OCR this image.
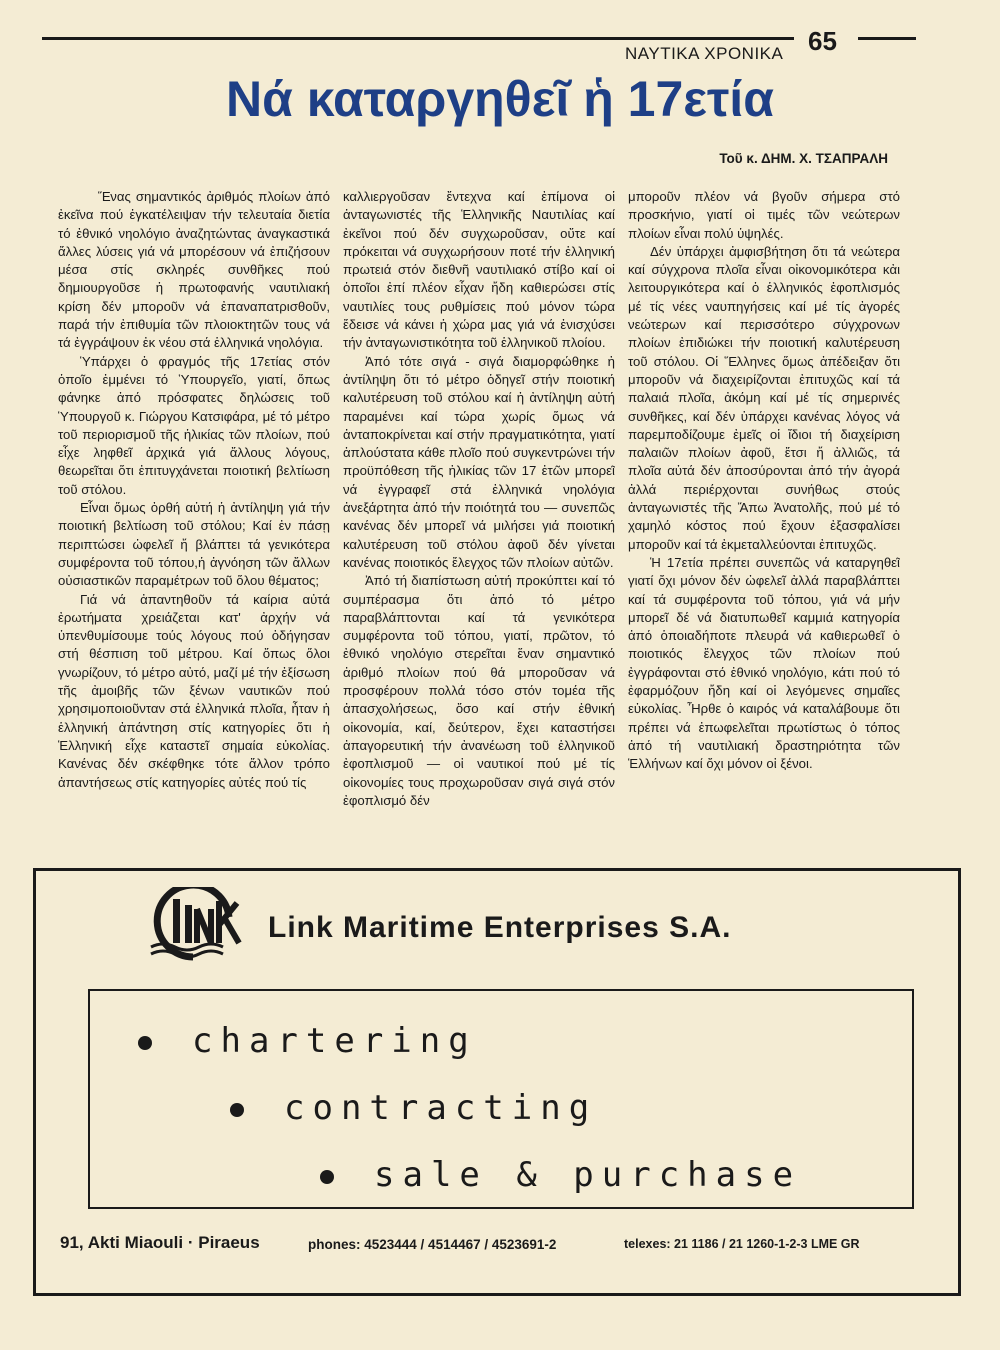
ΝΑΥΤΙΚΑ ΧΡΟΝΙΚΑ 65
Νά καταργηθεῖ ἡ 17ετία
Τοῦ κ. ΔΗΜ. Χ. ΤΣΑΠΡΑΛΗ

Ἕνας σημαντικός ἀριθμός πλοίων ἀπό ἐκεῖνα πού ἐγκατέλειψαν τήν τελευταία διετία τό ἐθνικό νηολόγιο ἀναζητώντας ἀναγκαστικά ἄλλες λύσεις γιά νά μπορέσουν νά ἐπιζήσουν μέσα στίς σκληρές συνθῆκες πού δημιουργοῦσε ἡ πρωτοφανής ναυτιλιακή κρίση δέν μποροῦν νά ἐπαναπατρισθοῦν, παρά τήν ἐπιθυμία τῶν πλοιοκτητῶν τους νά τά ἐγγράψουν ἐκ νέου στά ἑλληνικά νηολόγια.

Ὑπάρχει ὁ φραγμός τῆς 17ετίας στόν ὁποῖο ἐμμένει τό Ὑπουργεῖο, γιατί, ὅπως φάνηκε ἀπό πρόσφατες δηλώσεις τοῦ Ὑπουργοῦ κ. Γιώργου Κατσιφάρα, μέ τό μέτρο τοῦ περιορισμοῦ τῆς ἡλικίας τῶν πλοίων, πού εἶχε ληφθεῖ ἀρχικά γιά ἄλλους λόγους, θεωρεῖται ὅτι ἐπιτυγχάνεται ποιοτική βελτίωση τοῦ στόλου.

Εἶναι ὅμως ὀρθή αὐτή ἡ ἀντίληψη γιά τήν ποιοτική βελτίωση τοῦ στόλου; Καί ἐν πάσῃ περιπτώσει ὠφελεῖ ἤ βλάπτει τά γενικότερα συμφέροντα τοῦ τόπου,ἡ ἀγνόηση τῶν ἄλλων οὐσιαστικῶν παραμέτρων τοῦ ὅλου θέματος;

Γιά νά ἀπαντηθοῦν τά καίρια αὐτά ἐρωτήματα χρειάζεται κατ' ἀρχήν νά ὑπενθυμίσουμε τούς λόγους πού ὁδήγησαν στή θέσπιση τοῦ μέτρου. Καί ὅπως ὅλοι γνωρίζουν, τό μέτρο αὐτό, μαζί μέ τήν ἐξίσωση τῆς ἀμοιβῆς τῶν ξένων ναυτικῶν πού χρησιμοποιοῦνταν στά ἑλληνικά πλοῖα, ἦταν ἡ ἑλληνική ἀπάντηση στίς κατηγορίες ὅτι ἡ Ἑλληνική εἶχε καταστεῖ σημαία εὐκολίας. Κανένας δέν σκέφθηκε τότε ἄλλον τρόπο ἀπαντήσεως στίς κατηγορίες αὐτές πού τίς

καλλιεργοῦσαν ἔντεχνα καί ἐπίμονα οἱ ἀνταγωνιστές τῆς Ἑλληνικῆς Ναυτιλίας καί ἐκεῖνοι πού δέν συγχωροῦσαν, οὔτε καί πρόκειται νά συγχωρήσουν ποτέ τήν ἑλληνική πρωτειά στόν διεθνῆ ναυτιλιακό στίβο καί οἱ ὁποῖοι ἐπί πλέον εἶχαν ἤδη καθιερώσει στίς ναυτιλίες τους ρυθμίσεις πού μόνον τώρα ἔδεισε νά κάνει ἡ χώρα μας γιά νά ἐνισχύσει τήν ἀνταγωνιστικότητα τοῦ ἑλληνικοῦ πλοίου.

Ἀπό τότε σιγά - σιγά διαμορφώθηκε ἡ ἀντίληψη ὅτι τό μέτρο ὁδηγεῖ στήν ποιοτική καλυτέρευση τοῦ στόλου καί ἡ ἀντίληψη αὐτή παραμένει καί τώρα χωρίς ὅμως νά ἀνταποκρίνεται καί στήν πραγματικότητα, γιατί ἁπλούστατα κάθε πλοῖο πού συγκεντρώνει τήν προϋπόθεση τῆς ἡλικίας τῶν 17 ἐτῶν μπορεῖ νά ἐγγραφεῖ στά ἑλληνικά νηολόγια ἀνεξάρτητα ἀπό τήν ποιότητά του — συνεπῶς κανένας δέν μπορεῖ νά μιλήσει γιά ποιοτική καλυτέρευση τοῦ στόλου ἀφοῦ δέν γίνεται κανένας ποιοτικός ἔλεγχος τῶν πλοίων αὐτῶν.

Ἀπό τή διαπίστωση αὐτή προκύπτει καί τό συμπέρασμα ὅτι ἀπό τό μέτρο παραβλάπτονται καί τά γενικότερα συμφέροντα τοῦ τόπου, γιατί, πρῶτον, τό ἐθνικό νηολόγιο στερεῖται ἕναν σημαντικό ἀριθμό πλοίων πού θά μποροῦσαν νά προσφέρουν πολλά τόσο στόν τομέα τῆς ἀπασχολήσεως, ὅσο καί στήν ἐθνική οἰκονομία, καί, δεύτερον, ἔχει καταστήσει ἀπαγορευτική τήν ἀνανέωση τοῦ ἑλληνικοῦ ἐφοπλισμοῦ — οἱ ναυτικοί πού μέ τίς οἰκονομίες τους προχωροῦσαν σιγά σιγά στόν ἐφοπλισμό δέν

μποροῦν πλέον νά βγοῦν σήμερα στό προσκήνιο, γιατί οἱ τιμές τῶν νεώτερων πλοίων εἶναι πολύ ὑψηλές.

Δέν ὑπάρχει ἀμφισβήτηση ὅτι τά νεώτερα καί σύγχρονα πλοῖα εἶναι οἰκονομικότερα κἀι λειτουργικότερα καί ὁ ἑλληνικός ἐφοπλισμός μέ τίς νέες ναυπηγήσεις καί μέ τίς ἀγορές νεώτερων καί περισσότερο σύγχρονων πλοίων ἐπιδιώκει τήν ποιοτική καλυτέρευση τοῦ στόλου. Οἱ Ἕλληνες ὅμως ἀπέδειξαν ὅτι μποροῦν νά διαχειρίζονται ἐπιτυχῶς καί τά παλαιά πλοῖα, ἀκόμη καί μέ τίς σημερινές συνθῆκες, καί δέν ὑπάρχει κανένας λόγος νά παρεμποδίζουμε ἐμεῖς οἱ ἴδιοι τή διαχείριση παλαιῶν πλοίων ἀφοῦ, ἔτσι ἤ ἀλλιῶς, τά πλοῖα αὐτά δέν ἀποσύρονται ἀπό τήν ἀγορά ἀλλά περιέρχονται συνήθως στούς ἀνταγωνιστές τῆς Ἄπω Ἀνατολῆς, πού μέ τό χαμηλό κόστος πού ἔχουν ἐξασφαλίσει μποροῦν καί τά ἐκμεταλλεύονται ἐπιτυχῶς.

Ἡ 17ετία πρέπει συνεπῶς νά καταργηθεῖ γιατί ὄχι μόνον δέν ὠφελεῖ ἀλλά παραβλάπτει καί τά συμφέροντα τοῦ τόπου, γιά νά μήν μπορεῖ δέ νά διατυπωθεῖ καμμιά κατηγορία ἀπό ὁποιαδήποτε πλευρά νά καθιερωθεῖ ὁ ποιοτικός ἔλεγχος τῶν πλοίων πού ἐγγράφονται στό ἐθνικό νηολόγιο, κάτι πού τό ἐφαρμόζουν ἤδη καί οἱ λεγόμενες σημαῖες εὐκολίας. Ἦρθε ὁ καιρός νά καταλάβουμε ὅτι πρέπει νά ἐπωφελεῖται πρωτίστως ὁ τόπος ἀπό τή ναυτιλιακή δραστηριότητα τῶν Ἑλλήνων καί ὄχι μόνον οἱ ξένοι.

Link Maritime Enterprises S.A.
chartering
contracting
sale & purchase
91, Akti Miaouli · Piraeus	phones: 4523444 / 4514467 / 4523691-2	telexes: 21 1186 / 21 1260-1-2-3 LME GR
